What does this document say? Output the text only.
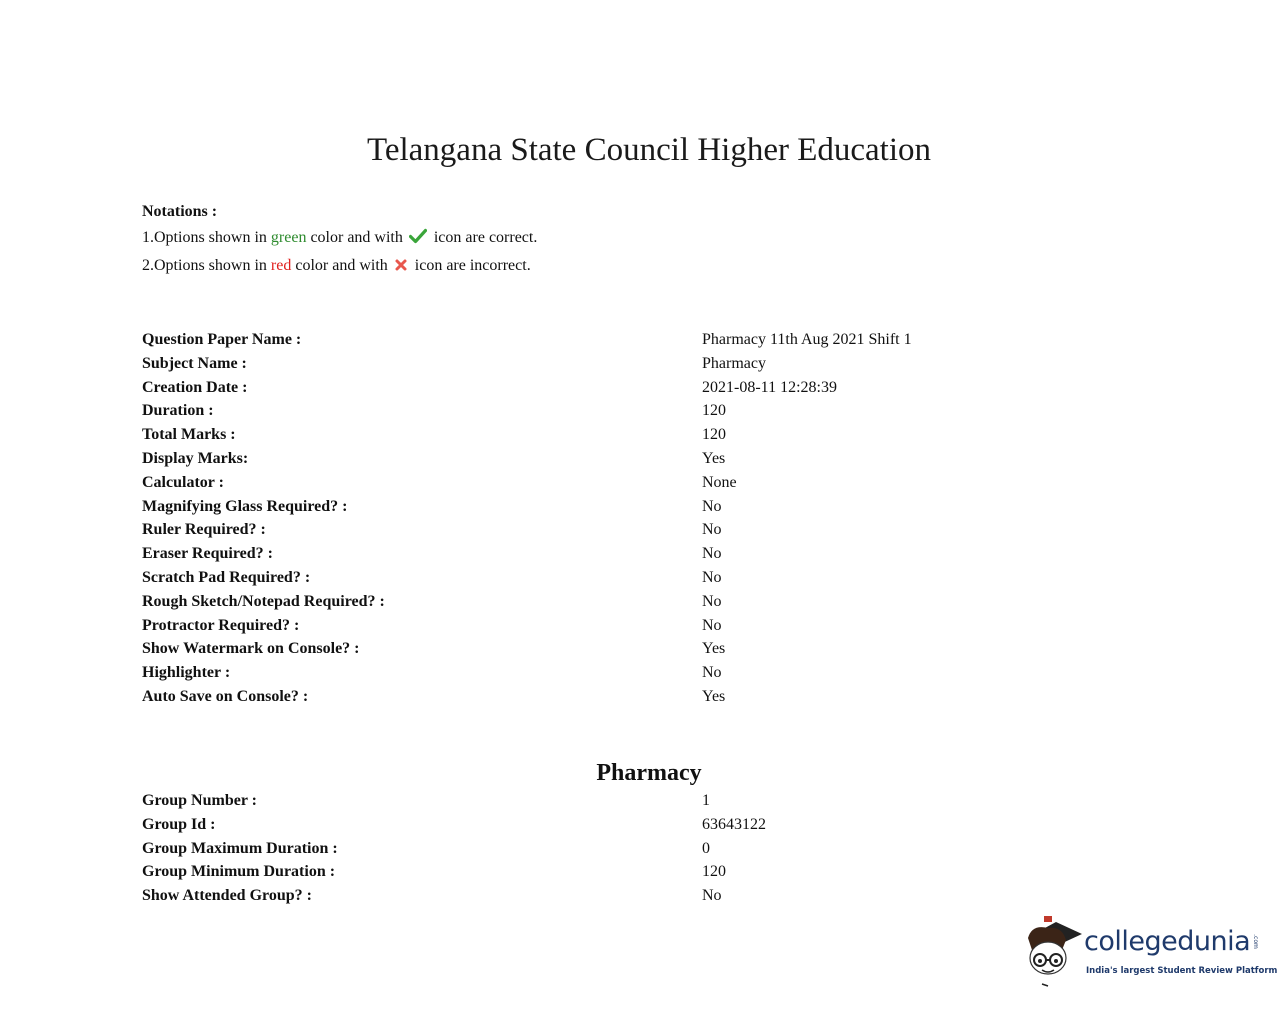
Telangana State Council Higher Education
Notations :
1.Options shown in green color and with  icon are correct.
2.Options shown in red color and with  icon are incorrect.
Question Paper Name :	Pharmacy 11th Aug 2021 Shift 1
Subject Name :	Pharmacy
Creation Date :	2021-08-11 12:28:39
Duration :	120
Total Marks :	120
Display Marks:	Yes
Calculator :	None
Magnifying Glass Required? :	No
Ruler Required? :	No
Eraser Required? :	No
Scratch Pad Required? :	No
Rough Sketch/Notepad Required? :	No
Protractor Required? :	No
Show Watermark on Console? :	Yes
Highlighter :	No
Auto Save on Console? :	Yes
Pharmacy
Group Number :	1
Group Id :	63643122
Group Maximum Duration :	0
Group Minimum Duration :	120
Show Attended Group? :	No
collegedunia .com
India's largest Student Review Platform
